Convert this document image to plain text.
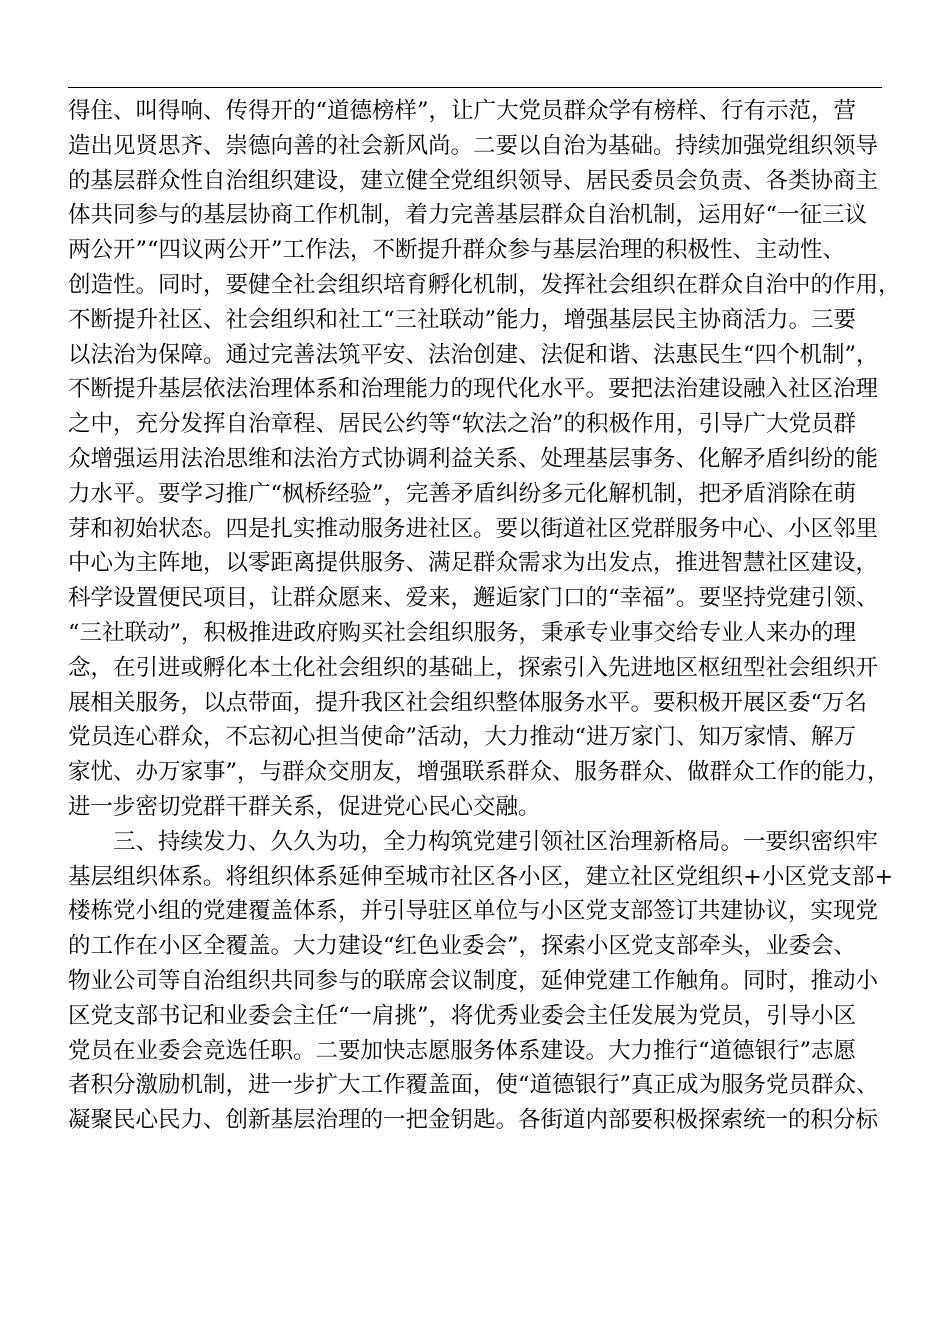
得住、叫得响、传得开的“道德榜样”，让广大党员群众学有榜样、行有示范，营
造出见贤思齐、崇德向善的社会新风尚。二要以自治为基础。持续加强党组织领导
的基层群众性自治组织建设，建立健全党组织领导、居民委员会负责、各类协商主
体共同参与的基层协商工作机制，着力完善基层群众自治机制，运用好“一征三议
两公开”“四议两公开”工作法，不断提升群众参与基层治理的积极性、主动性、
创造性。同时，要健全社会组织培育孵化机制，发挥社会组织在群众自治中的作用，
不断提升社区、社会组织和社工“三社联动”能力，增强基层民主协商活力。三要
以法治为保障。通过完善法筑平安、法治创建、法促和谐、法惠民生“四个机制”，
不断提升基层依法治理体系和治理能力的现代化水平。要把法治建设融入社区治理
之中，充分发挥自治章程、居民公约等“软法之治”的积极作用，引导广大党员群
众增强运用法治思维和法治方式协调利益关系、处理基层事务、化解矛盾纠纷的能
力水平。要学习推广“枫桥经验”，完善矛盾纠纷多元化解机制，把矛盾消除在萌
芽和初始状态。四是扎实推动服务进社区。要以街道社区党群服务中心、小区邻里
中心为主阵地，以零距离提供服务、满足群众需求为出发点，推进智慧社区建设，
科学设置便民项目，让群众愿来、爱来，邂逅家门口的“幸福”。要坚持党建引领、
“三社联动”，积极推进政府购买社会组织服务，秉承专业事交给专业人来办的理
念，在引进或孵化本土化社会组织的基础上，探索引入先进地区枢纽型社会组织开
展相关服务，以点带面，提升我区社会组织整体服务水平。要积极开展区委“万名
党员连心群众，不忘初心担当使命”活动，大力推动“进万家门、知万家情、解万
家忧、办万家事”，与群众交朋友，增强联系群众、服务群众、做群众工作的能力，
进一步密切党群干群关系，促进党心民心交融。
　　三、持续发力、久久为功，全力构筑党建引领社区治理新格局。一要织密织牢
基层组织体系。将组织体系延伸至城市社区各小区，建立社区党组织+小区党支部+
楼栋党小组的党建覆盖体系，并引导驻区单位与小区党支部签订共建协议，实现党
的工作在小区全覆盖。大力建设“红色业委会”，探索小区党支部牵头，业委会、
物业公司等自治组织共同参与的联席会议制度，延伸党建工作触角。同时，推动小
区党支部书记和业委会主任“一肩挑”，将优秀业委会主任发展为党员，引导小区
党员在业委会竞选任职。二要加快志愿服务体系建设。大力推行“道德银行”志愿
者积分激励机制，进一步扩大工作覆盖面，使“道德银行”真正成为服务党员群众、
凝聚民心民力、创新基层治理的一把金钥匙。各街道内部要积极探索统一的积分标
